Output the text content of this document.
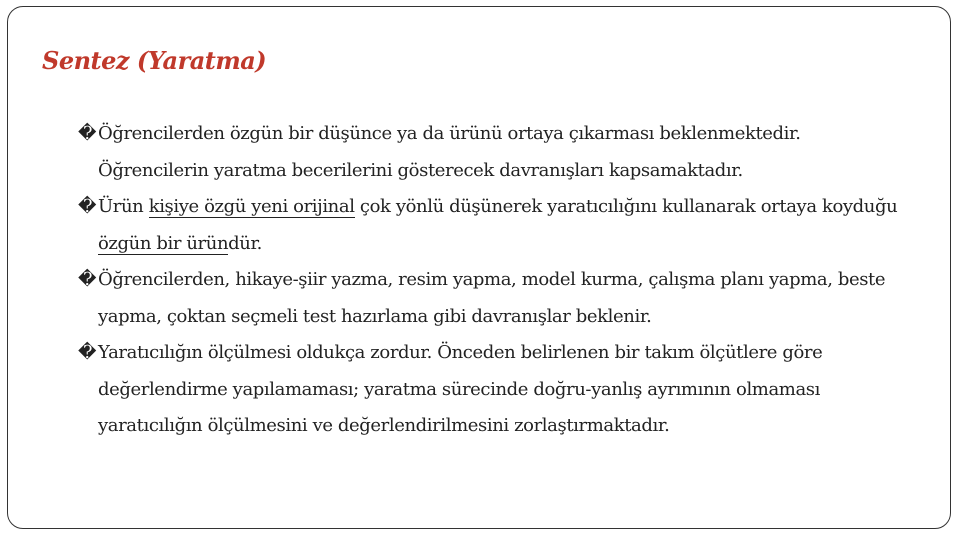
Sentez (Yaratma)
� Öğrencilerden özgün bir düşünce ya da ürünü ortaya çıkarması beklenmektedir. Öğrencilerin yaratma becerilerini gösterecek davranışları kapsamaktadır.
� Ürün kişiye özgü yeni orijinal çok yönlü düşünerek yaratıcılığını kullanarak ortaya koyduğu özgün bir üründür.
� Öğrencilerden, hikaye-şiir yazma, resim yapma, model kurma, çalışma planı yapma, beste yapma, çoktan seçmeli test hazırlama gibi davranışlar beklenir.
� Yaratıcılığın ölçülmesi oldukça zordur. Önceden belirlenen bir takım ölçütlere göre değerlendirme yapılamaması; yaratma sürecinde doğru-yanlış ayrımının olmaması yaratıcılığın ölçülmesini ve değerlendirilmesini zorlaştırmaktadır.
